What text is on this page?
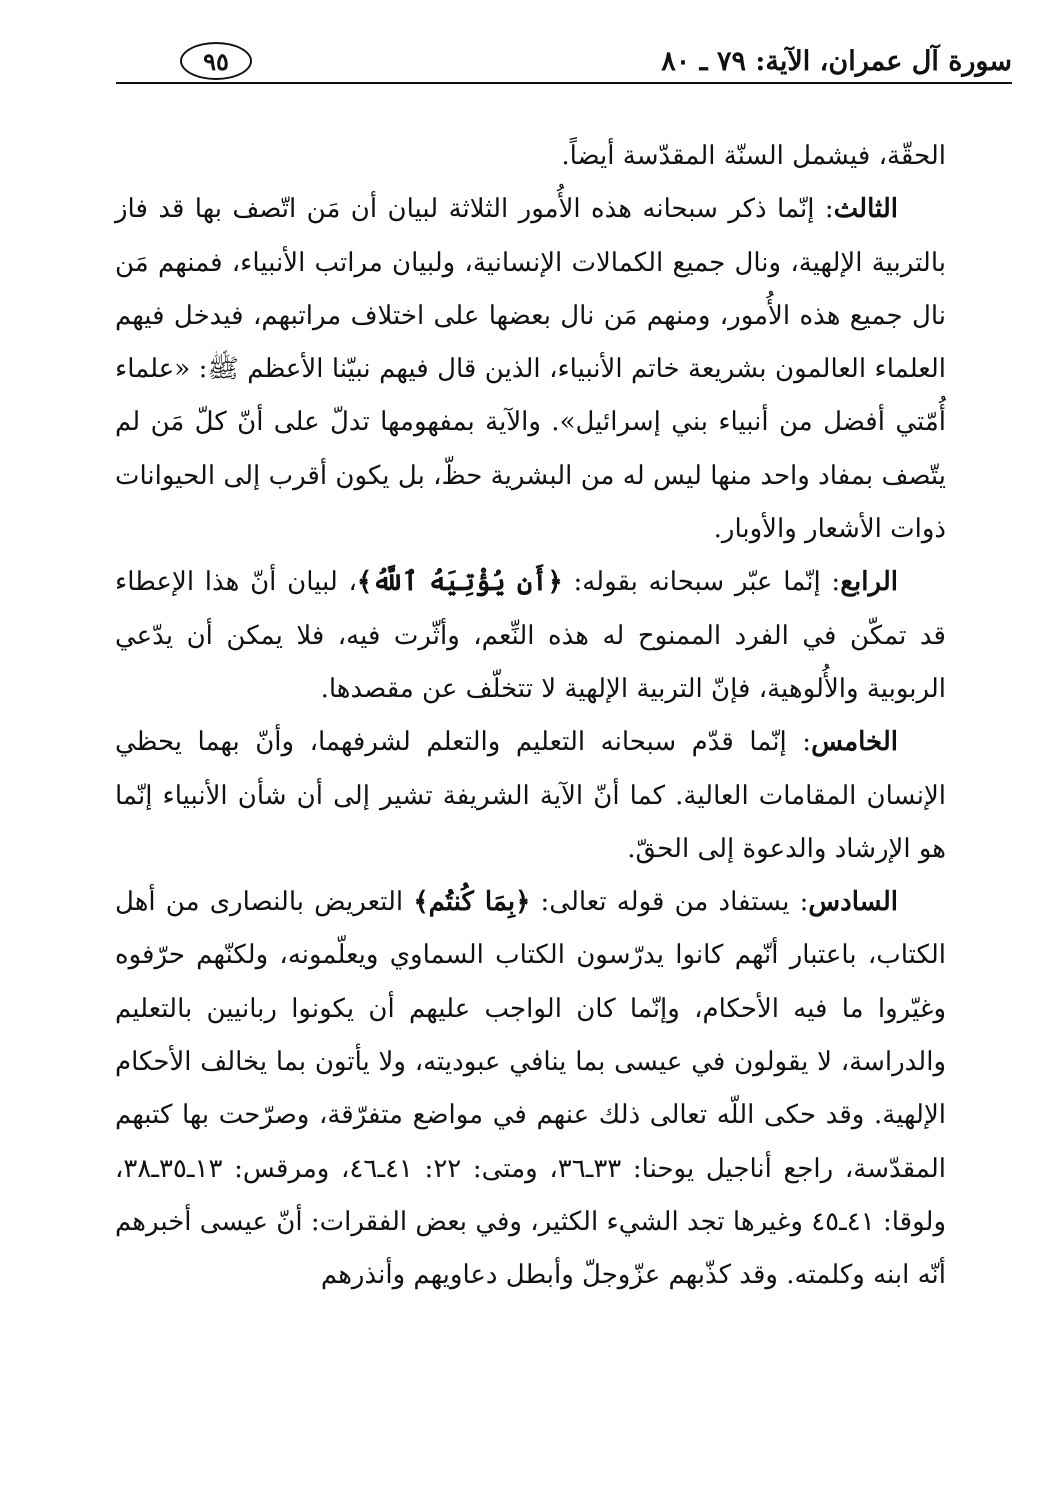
سورة آل عمران، الآية: ٧٩ ـ ٨٠
٩٥

الحقّة، فيشمل السنّة المقدّسة أيضاً.

الثالث: إنّما ذكر سبحانه هذه الأُمور الثلاثة لبيان أن مَن اتّصف بها قد فاز بالتربية الإلهية، ونال جميع الكمالات الإنسانية، ولبيان مراتب الأنبياء، فمنهم مَن نال جميع هذه الأُمور، ومنهم مَن نال بعضها على اختلاف مراتبهم، فيدخل فيهم العلماء العالمون بشريعة خاتم الأنبياء، الذين قال فيهم نبيّنا الأعظم ﷺ: «علماء أُمّتي أفضل من أنبياء بني إسرائيل». والآية بمفهومها تدلّ على أنّ كلّ مَن لم يتّصف بمفاد واحد منها ليس له من البشرية حظّ، بل يكون أقرب إلى الحيوانات ذوات الأشعار والأوبار.

الرابع: إنّما عبّر سبحانه بقوله: ﴿أَن يُؤْتِيَهُ ٱللَّهُ﴾، لبيان أنّ هذا الإعطاء قد تمكّن في الفرد الممنوح له هذه النِّعم، وأثّرت فيه، فلا يمكن أن يدّعي الربوبية والأُلوهية، فإنّ التربية الإلهية لا تتخلّف عن مقصدها.

الخامس: إنّما قدّم سبحانه التعليم والتعلم لشرفهما، وأنّ بهما يحظي الإنسان المقامات العالية. كما أنّ الآية الشريفة تشير إلى أن شأن الأنبياء إنّما هو الإرشاد والدعوة إلى الحقّ.

السادس: يستفاد من قوله تعالى: ﴿بِمَا كُنتُم﴾ التعريض بالنصارى من أهل الكتاب، باعتبار أنّهم كانوا يدرّسون الكتاب السماوي ويعلّمونه، ولكنّهم حرّفوه وغيّروا ما فيه الأحكام، وإنّما كان الواجب عليهم أن يكونوا ربانيين بالتعليم والدراسة، لا يقولون في عيسى بما ينافي عبوديته، ولا يأتون بما يخالف الأحكام الإلهية. وقد حكى اللّه تعالى ذلك عنهم في مواضع متفرّقة، وصرّحت بها كتبهم المقدّسة، راجع أناجيل يوحنا: ٣٣ـ٣٦، ومتى: ٢٢: ٤١ـ٤٦، ومرقس: ١٣ـ٣٥ـ٣٨، ولوقا: ٤١ـ٤٥ وغيرها تجد الشيء الكثير، وفي بعض الفقرات: أنّ عيسى أخبرهم أنّه ابنه وكلمته. وقد كذّبهم عزّوجلّ وأبطل دعاويهم وأنذرهم
